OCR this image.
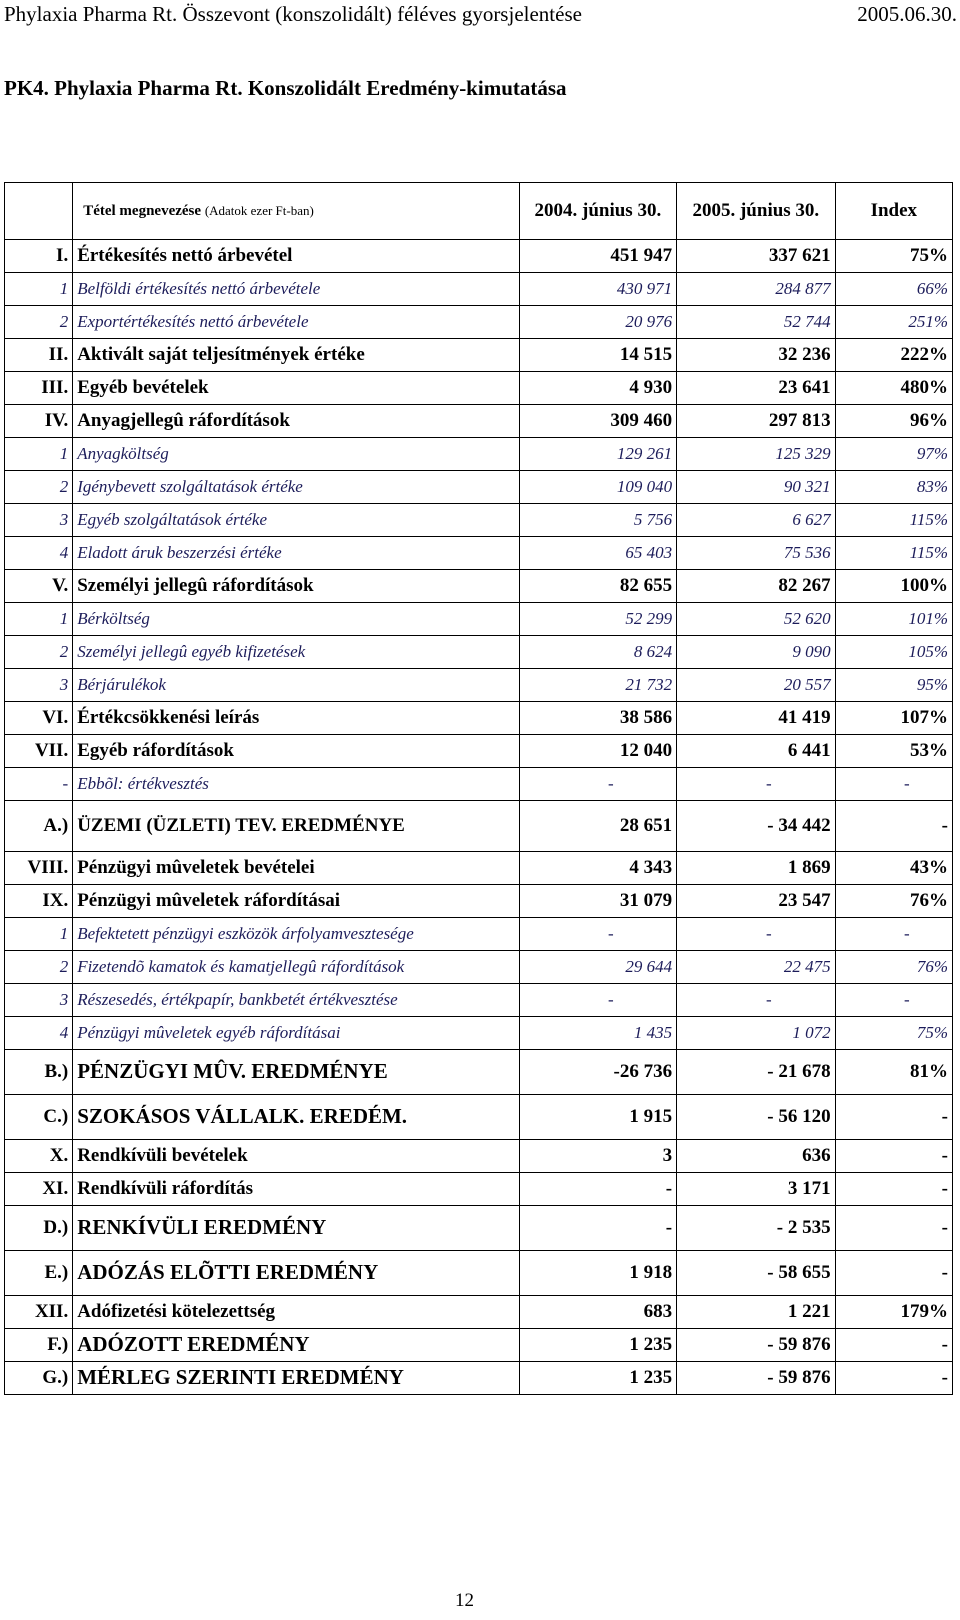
Phylaxia Pharma Rt. Összevont (konszolidált) féléves gyorsjelentése	2005.06.30.
PK4. Phylaxia Pharma Rt. Konszolidált Eredmény-kimutatása
	Tétel megnevezése (Adatok ezer Ft-ban)	2004. június 30.	2005. június 30.	Index
I.	Értékesítés nettó árbevétel	451 947	337 621	75%
1	Belföldi értékesítés nettó árbevétele	430 971	284 877	66%
2	Exportértékesítés nettó árbevétele	20 976	52 744	251%
II.	Aktivált saját teljesítmények értéke	14 515	32 236	222%
III.	Egyéb bevételek	4 930	23 641	480%
IV.	Anyagjellegû ráfordítások	309 460	297 813	96%
1	Anyagköltség	129 261	125 329	97%
2	Igénybevett szolgáltatások értéke	109 040	90 321	83%
3	Egyéb szolgáltatások értéke	5 756	6 627	115%
4	Eladott áruk beszerzési értéke	65 403	75 536	115%
V.	Személyi jellegû ráfordítások	82 655	82 267	100%
1	Bérköltség	52 299	52 620	101%
2	Személyi jellegû egyéb kifizetések	8 624	9 090	105%
3	Bérjárulékok	21 732	20 557	95%
VI.	Értékcsökkenési leírás	38 586	41 419	107%
VII.	Egyéb ráfordítások	12 040	6 441	53%
-	Ebbõl: értékvesztés	-	-	-
A.)	ÜZEMI (ÜZLETI) TEV. EREDMÉNYE	28 651	- 34 442	-
VIII.	Pénzügyi mûveletek bevételei	4 343	1 869	43%
IX.	Pénzügyi mûveletek ráfordításai	31 079	23 547	76%
1	Befektetett pénzügyi eszközök árfolyamvesztesége	-	-	-
2	Fizetendõ kamatok és kamatjellegû ráfordítások	29 644	22 475	76%
3	Részesedés, értékpapír, bankbetét értékvesztése	-	-	-
4	Pénzügyi mûveletek egyéb ráfordításai	1 435	1 072	75%
B.)	PÉNZÜGYI MÛV. EREDMÉNYE	-26 736	- 21 678	81%
C.)	SZOKÁSOS VÁLLALK. EREDÉM.	1 915	- 56 120	-
X.	Rendkívüli bevételek	3	636	-
XI.	Rendkívüli ráfordítás	-	3 171	-
D.)	RENKÍVÜLI EREDMÉNY	-	- 2 535	-
E.)	ADÓZÁS ELÕTTI EREDMÉNY	1 918	- 58 655	-
XII.	Adófizetési kötelezettség	683	1 221	179%
F.)	ADÓZOTT EREDMÉNY	1 235	- 59 876	-
G.)	MÉRLEG SZERINTI EREDMÉNY	1 235	- 59 876	-
12
